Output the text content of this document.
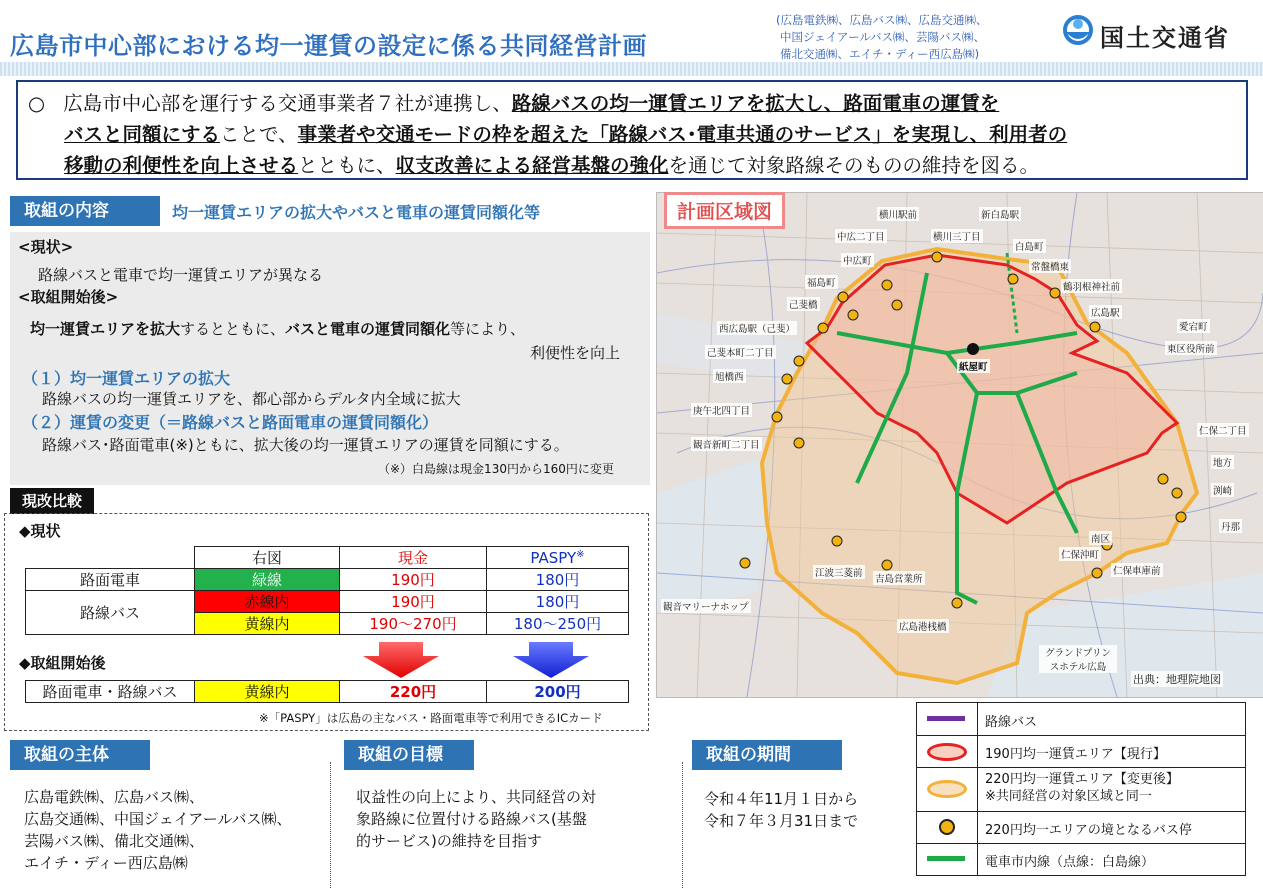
広島市中心部における均一運賃の設定に係る共同経営計画
(広島電鉄㈱、広島バス㈱、広島交通㈱、
中国ジェイアールバス㈱、芸陽バス㈱、
備北交通㈱、エイチ・ディー西広島㈱)
国土交通省
○ 広島市中心部を運行する交通事業者７社が連携し、路線バスの均一運賃エリアを拡大し、路面電車の運賃を
バスと同額にすることで、事業者や交通モードの枠を超えた「路線バス･電車共通のサービス」を実現し、利用者の
移動の利便性を向上させるとともに、収支改善による経営基盤の強化を通じて対象路線そのものの維持を図る。
取組の内容	均一運賃エリアの拡大やバスと電車の運賃同額化等
<現状>
路線バスと電車で均一運賃エリアが異なる
<取組開始後>
均一運賃エリアを拡大するとともに、バスと電車の運賃同額化等により、
利便性を向上
（１）均一運賃エリアの拡大
路線バスの均一運賃エリアを、都心部からデルタ内全域に拡大
（２）運賃の変更（＝路線バスと路面電車の運賃同額化）
路線バス･路面電車(※)ともに、拡大後の均一運賃エリアの運賃を同額にする。
（※）白島線は現金130円から160円に変更
現改比較
◆現状
	右図	現金	PASPY※
路面電車	緑線	190円	180円
路線バス	赤線内	190円	180円
	黄線内	190～270円	180～250円
◆取組開始後
路面電車・路線バス	黄線内	220円	200円
※「PASPY」は広島の主なバス・路面電車等で利用できるICカード
取組の主体
広島電鉄㈱、広島バス㈱、
広島交通㈱、中国ジェイアールバス㈱、
芸陽バス㈱、備北交通㈱、
エイチ・ディー西広島㈱
取組の目標
収益性の向上により、共同経営の対
象路線に位置付ける路線バス(基盤
的サービス)の維持を目指す
取組の期間
令和４年11月１日から
令和７年３月31日まで
横川駅前	新白島駅
中広二丁目	横川三丁目
白島町
中広町
常盤橋東
福島町	鶴羽根神社前
己斐橋
広島駅
西広島駅（己斐）	愛宕町
東区役所前
己斐本町二丁目
紙屋町
旭橋西
庚午北四丁目
観音新町二丁目
仁保二丁目
地方
渕崎
丹那
江波三菱前
吉島営業所
南区
仁保沖町
仁保車庫前
観音マリーナホップ
広島港桟橋
グランドプリンスホテル広島
出典：地理院地図
計画区域図
路線バス
190円均一運賃エリア【現行】
220円均一運賃エリア【変更後】
※共同経営の対象区域と同一
220円均一エリアの境となるバス停
電車市内線（点線：白島線）
